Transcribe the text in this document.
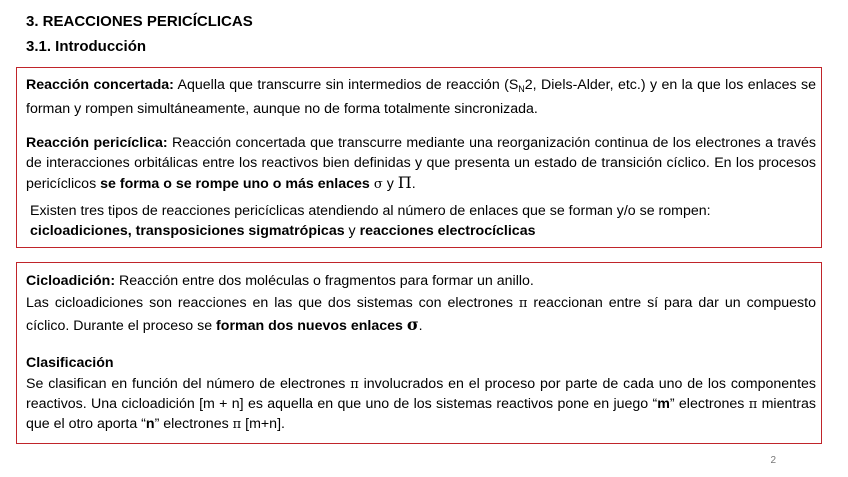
3. REACCIONES PERICÍCLICAS
3.1. Introducción
Reacción concertada: Aquella que transcurre sin intermedios de reacción ($S_N2$, Diels-Alder, etc.) y en la que los enlaces se forman y rompen simultáneamente, aunque no de forma totalmente sincronizada.
Reacción pericíclica: Reacción concertada que transcurre mediante una reorganización continua de los electrones a través de interacciones orbitálicas entre los reactivos bien definidas y que presenta un estado de transición cíclico. En los procesos pericíclicos se forma o se rompe uno o más enlaces σ y Π.
Existen tres tipos de reacciones pericíclicas atendiendo al número de enlaces que se forman y/o se rompen:
cicloadiciones, transposiciones sigmatrópicas y reacciones electrocíclicas
Cicloadición: Reacción entre dos moléculas o fragmentos para formar un anillo.
Las cicloadiciones son reacciones en las que dos sistemas con electrones π reaccionan entre sí para dar un compuesto cíclico. Durante el proceso se forman dos nuevos enlaces σ.
Clasificación
Se clasifican en función del número de electrones π involucrados en el proceso por parte de cada uno de los componentes reactivos. Una cicloadición [m + n] es aquella en que uno de los sistemas reactivos pone en juego “m” electrones π mientras que el otro aporta “n” electrones π [m+n].
2
